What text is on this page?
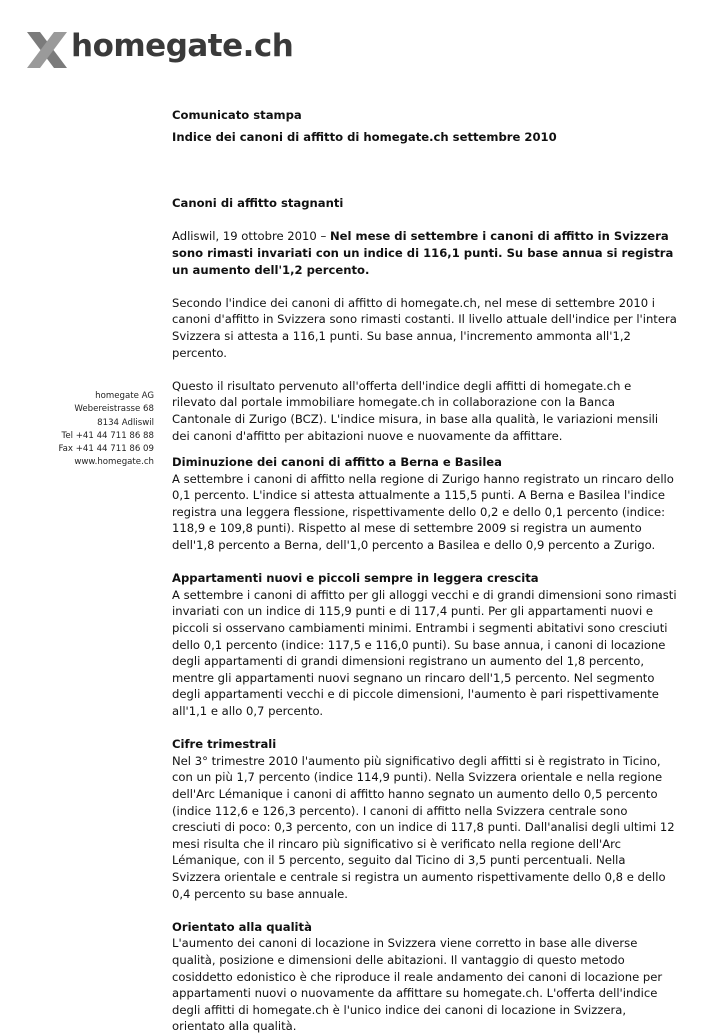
homegate.ch
homegate AG
Webereistrasse 68
8134 Adliswil
Tel +41 44 711 86 88
Fax +41 44 711 86 09
www.homegate.ch

Comunicato stampa

Indice dei canoni di affitto di homegate.ch settembre 2010

Canoni di affitto stagnanti

Adliswil, 19 ottobre 2010 – Nel mese di settembre i canoni di affitto in Svizzera sono rimasti invariati con un indice di 116,1 punti. Su base annua si registra un aumento dell'1,2 percento.

Secondo l'indice dei canoni di affitto di homegate.ch, nel mese di settembre 2010 i canoni d'affitto in Svizzera sono rimasti costanti. Il livello attuale dell'indice per l'intera Svizzera si attesta a 116,1 punti. Su base annua, l'incremento ammonta all'1,2 percento.

Questo il risultato pervenuto all'offerta dell'indice degli affitti di homegate.ch e rilevato dal portale immobiliare homegate.ch in collaborazione con la Banca Cantonale di Zurigo (BCZ). L'indice misura, in base alla qualità, le variazioni mensili dei canoni d'affitto per abitazioni nuove e nuovamente da affittare.

Diminuzione dei canoni di affitto a Berna e Basilea

A settembre i canoni di affitto nella regione di Zurigo hanno registrato un rincaro dello 0,1 percento. L'indice si attesta attualmente a 115,5 punti. A Berna e Basilea l'indice registra una leggera flessione, rispettivamente dello 0,2 e dello 0,1 percento (indice: 118,9 e 109,8 punti). Rispetto al mese di settembre 2009 si registra un aumento dell'1,8 percento a Berna, dell'1,0 percento a Basilea e dello 0,9 percento a Zurigo.

Appartamenti nuovi e piccoli sempre in leggera crescita

A settembre i canoni di affitto per gli alloggi vecchi e di grandi dimensioni sono rimasti invariati con un indice di 115,9 punti e di 117,4 punti. Per gli appartamenti nuovi e piccoli si osservano cambiamenti minimi. Entrambi i segmenti abitativi sono cresciuti dello 0,1 percento (indice: 117,5 e 116,0 punti). Su base annua, i canoni di locazione degli appartamenti di grandi dimensioni registrano un aumento del 1,8 percento, mentre gli appartamenti nuovi segnano un rincaro dell'1,5 percento. Nel segmento degli appartamenti vecchi e di piccole dimensioni, l'aumento è pari rispettivamente all'1,1 e allo 0,7 percento.

Cifre trimestrali

Nel 3° trimestre 2010 l'aumento più significativo degli affitti si è registrato in Ticino, con un più 1,7 percento (indice 114,9 punti). Nella Svizzera orientale e nella regione dell'Arc Lémanique i canoni di affitto hanno segnato un aumento dello 0,5 percento (indice 112,6 e 126,3 percento). I canoni di affitto nella Svizzera centrale sono cresciuti di poco: 0,3 percento, con un indice di 117,8 punti. Dall'analisi degli ultimi 12 mesi risulta che il rincaro più significativo si è verificato nella regione dell'Arc Lémanique, con il 5 percento, seguito dal Ticino di 3,5 punti percentuali. Nella Svizzera orientale e centrale si registra un aumento rispettivamente dello 0,8 e dello 0,4 percento su base annuale.

Orientato alla qualità

L'aumento dei canoni di locazione in Svizzera viene corretto in base alle diverse qualità, posizione e dimensioni delle abitazioni. Il vantaggio di questo metodo cosiddetto edonistico è che riproduce il reale andamento dei canoni di locazione per appartamenti nuovi o nuovamente da affittare su homegate.ch. L'offerta dell'indice degli affitti di homegate.ch è l'unico indice dei canoni di locazione in Svizzera, orientato alla qualità.
